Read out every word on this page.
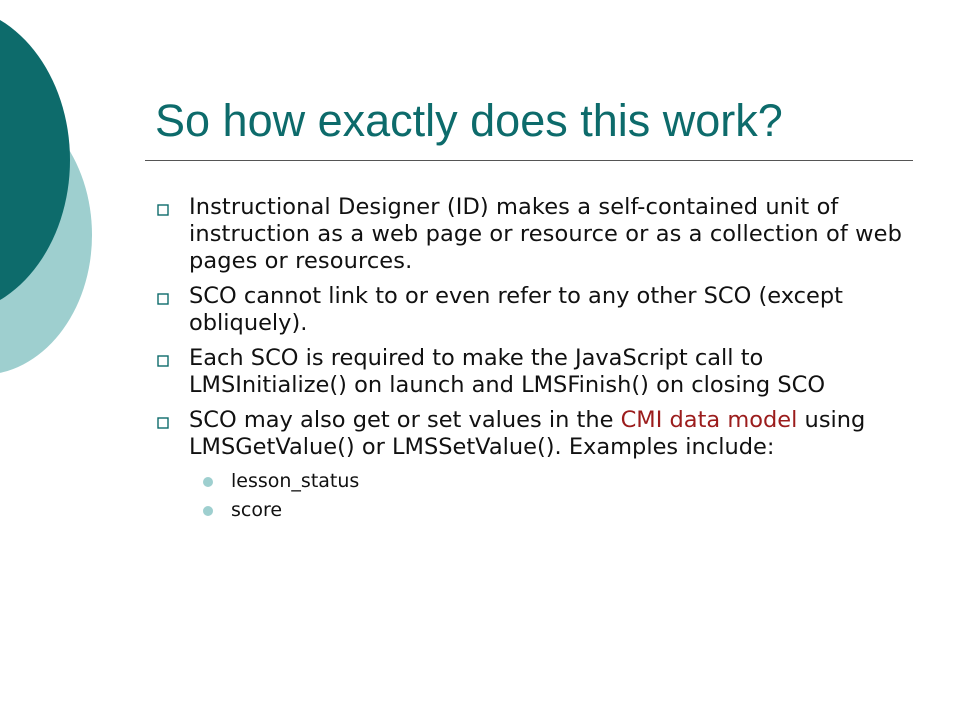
So how exactly does this work?
Instructional Designer (ID) makes a self-contained unit of instruction as a web page or resource or as a collection of web pages or resources.
SCO cannot link to or even refer to any other SCO (except obliquely).
Each SCO is required to make the JavaScript call to LMSInitialize() on launch and LMSFinish() on closing SCO
SCO may also get or set values in the CMI data model using LMSGetValue() or LMSSetValue(). Examples include:
lesson_status
score
